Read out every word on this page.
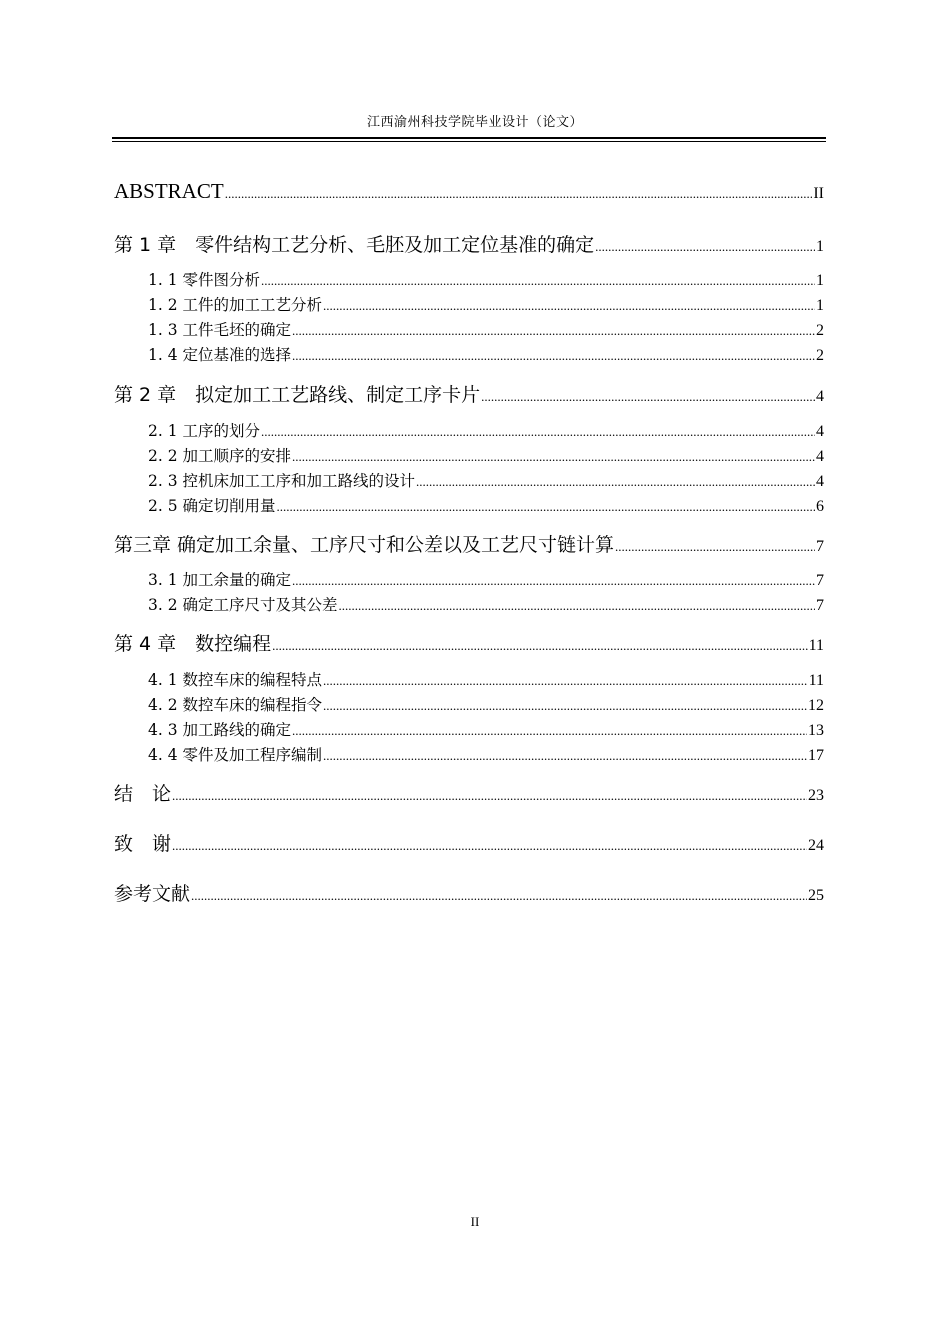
江西渝州科技学院毕业设计（论文）
ABSTRACT .....	II
第 1 章　零件结构工艺分析、毛胚及加工定位基准的确定 .....	1
1. 1 零件图分析 .....	1
1. 2 工件的加工工艺分析 .....	1
1. 3 工件毛坯的确定 .....	2
1. 4 定位基准的选择 .....	2
第 2 章　拟定加工工艺路线、制定工序卡片 .....	4
2. 1 工序的划分 .....	4
2. 2 加工顺序的安排 .....	4
2. 3 控机床加工工序和加工路线的设计 .....	4
2. 5 确定切削用量 .....	6
第三章 确定加工余量、工序尺寸和公差以及工艺尺寸链计算 .....	7
3. 1 加工余量的确定 .....	7
3. 2 确定工序尺寸及其公差 .....	7
第 4 章　数控编程 .....	11
4. 1 数控车床的编程特点 .....	11
4. 2 数控车床的编程指令 .....	12
4. 3 加工路线的确定 .....	13
4. 4 零件及加工程序编制 .....	17
结　论 .....	23
致　谢 .....	24
参考文献 .....	25
II
